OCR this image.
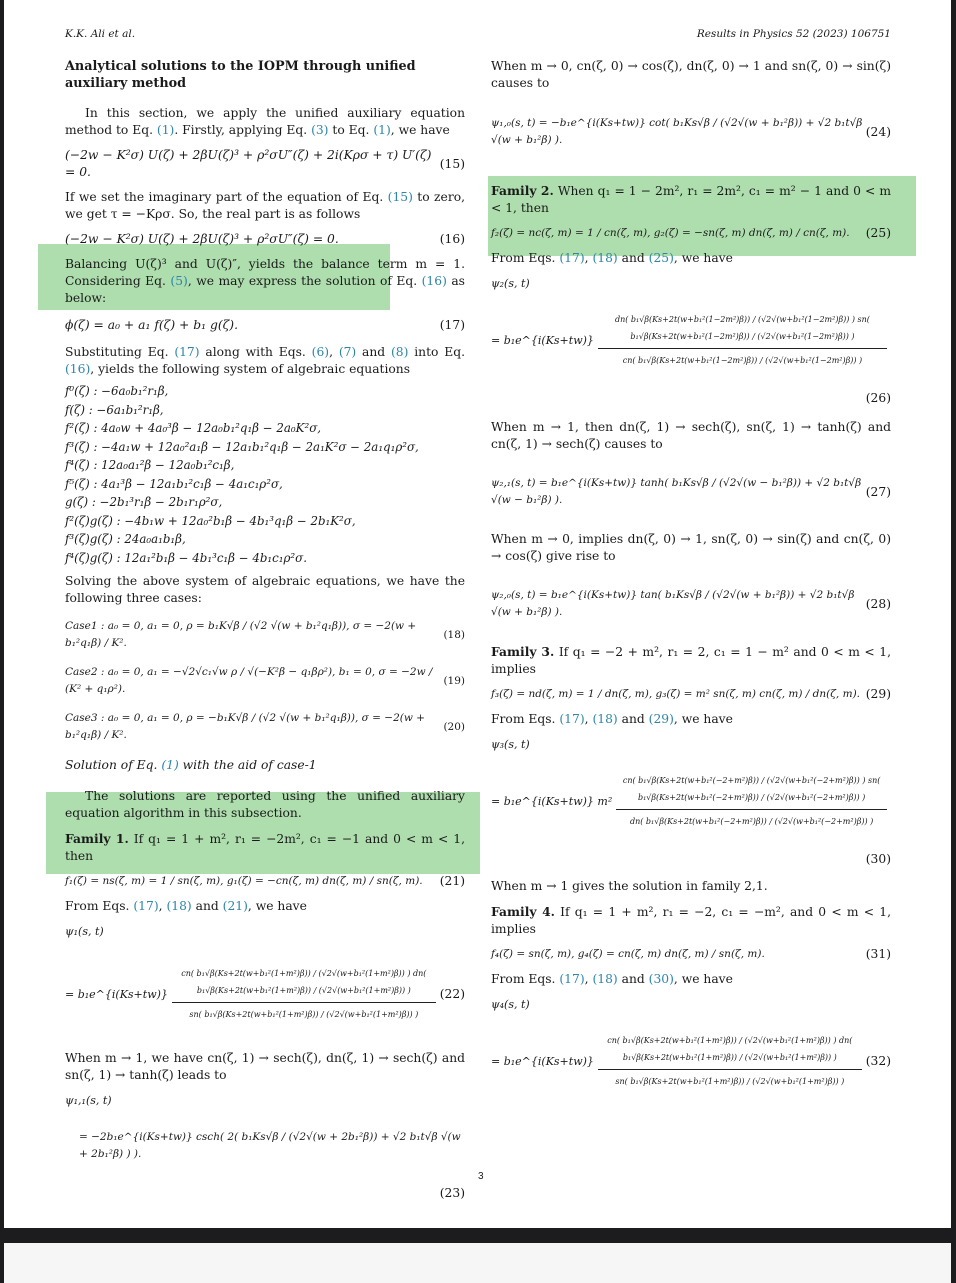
K.K. Ali et al.	Results in Physics 52 (2023) 106751
Analytical solutions to the IOPM through unified auxiliary method

In this section, we apply the unified auxiliary equation method to Eq. (1). Firstly, applying Eq. (3) to Eq. (1), we have

(−2w − K²σ) U(ζ) + 2βU(ζ)³ + ρ²σU″(ζ) + 2i(Kρσ + τ) U′(ζ) = 0.
(15)

If we set the imaginary part of the equation of Eq. (15) to zero, we get τ = −Kρσ. So, the real part is as follows

(−2w − K²σ) U(ζ) + 2βU(ζ)³ + ρ²σU″(ζ) = 0.	(16)

Balancing U(ζ)³ and U(ζ)″, yields the balance term m = 1. Considering Eq. (5), we may express the solution of Eq. (16) as below:

ϕ(ζ) = a₀ + a₁ f(ζ) + b₁ g(ζ).	(17)

Substituting Eq. (17) along with Eqs. (6), (7) and (8) into Eq. (16), yields the following system of algebraic equations

f⁰(ζ) : −6a₀b₁²r₁β,
f(ζ) : −6a₁b₁²r₁β,
f²(ζ) : 4a₀w + 4a₀³β − 12a₀b₁²q₁β − 2a₀K²σ,
f³(ζ) : −4a₁w + 12a₀²a₁β − 12a₁b₁²q₁β − 2a₁K²σ − 2a₁q₁ρ²σ,
f⁴(ζ) : 12a₀a₁²β − 12a₀b₁²c₁β,
f⁵(ζ) : 4a₁³β − 12a₁b₁²c₁β − 4a₁c₁ρ²σ,
g(ζ) : −2b₁³r₁β − 2b₁r₁ρ²σ,
f²(ζ)g(ζ) : −4b₁w + 12a₀²b₁β − 4b₁³q₁β − 2b₁K²σ,
f³(ζ)g(ζ) : 24a₀a₁b₁β,
f⁴(ζ)g(ζ) : 12a₁²b₁β − 4b₁³c₁β − 4b₁c₁ρ²σ.

Solving the above system of algebraic equations, we have the following three cases:

Case1 : a₀ = 0, a₁ = 0, ρ = b₁K√β / (√2 √(w + b₁²q₁β)), σ = −2(w + b₁²q₁β) / K².
(18)
Case2 : a₀ = 0, a₁ = −√2√c₁√w ρ / √(−K²β − q₁βρ²), b₁ = 0, σ = −2w / (K² + q₁ρ²).
(19)
Case3 : a₀ = 0, a₁ = 0, ρ = −b₁K√β / (√2 √(w + b₁²q₁β)), σ = −2(w + b₁²q₁β) / K².
(20)

Solution of Eq. (1) with the aid of case-1

The solutions are reported using the unified auxiliary equation algorithm in this subsection.

Family 1. If q₁ = 1 + m², r₁ = −2m², c₁ = −1 and 0 < m < 1, then

f₁(ζ) = ns(ζ, m) = 1 / sn(ζ, m), g₁(ζ) = −cn(ζ, m) dn(ζ, m) / sn(ζ, m). (21)

From Eqs. (17), (18) and (21), we have

ψ₁(s, t)
= b₁e^{i(Ks+tw)}
cn( b₁√β(Ks+2t(w+b₁²(1+m²)β)) / (√2√(w+b₁²(1+m²)β)) ) dn( b₁√β(Ks+2t(w+b₁²(1+m²)β)) / (√2√(w+b₁²(1+m²)β)) )
sn( b₁√β(Ks+2t(w+b₁²(1+m²)β)) / (√2√(w+b₁²(1+m²)β)) )
(22)

When m → 1, we have cn(ζ, 1) → sech(ζ), dn(ζ, 1) → sech(ζ) and sn(ζ, 1) → tanh(ζ) leads to

ψ₁,₁(s, t)
= −2b₁e^{i(Ks+tw)} csch( 2( b₁Ks√β / (√2√(w + 2b₁²β)) + √2 b₁t√β √(w + 2b₁²β) ) ).
(23)

When m → 0, cn(ζ, 0) → cos(ζ), dn(ζ, 0) → 1 and sn(ζ, 0) → sin(ζ) causes to

ψ₁,₀(s, t) = −b₁e^{i(Ks+tw)} cot( b₁Ks√β / (√2√(w + b₁²β)) + √2 b₁t√β √(w + b₁²β) ).
(24)

Family 2. When q₁ = 1 − 2m², r₁ = 2m², c₁ = m² − 1 and 0 < m < 1, then

f₂(ζ) = nc(ζ, m) = 1 / cn(ζ, m), g₂(ζ) = −sn(ζ, m) dn(ζ, m) / cn(ζ, m). (25)

From Eqs. (17), (18) and (25), we have

ψ₂(s, t)
= b₁e^{i(Ks+tw)}
dn( b₁√β(Ks+2t(w+b₁²(1−2m²)β)) / (√2√(w+b₁²(1−2m²)β)) ) sn( b₁√β(Ks+2t(w+b₁²(1−2m²)β)) / (√2√(w+b₁²(1−2m²)β)) )
cn( b₁√β(Ks+2t(w+b₁²(1−2m²)β)) / (√2√(w+b₁²(1−2m²)β)) )
(26)

When m → 1, then dn(ζ, 1) → sech(ζ), sn(ζ, 1) → tanh(ζ) and cn(ζ, 1) → sech(ζ) causes to

ψ₂,₁(s, t) = b₁e^{i(Ks+tw)} tanh( b₁Ks√β / (√2√(w − b₁²β)) + √2 b₁t√β √(w − b₁²β) ).
(27)

When m → 0, implies dn(ζ, 0) → 1, sn(ζ, 0) → sin(ζ) and cn(ζ, 0) → cos(ζ) give rise to

ψ₂,₀(s, t) = b₁e^{i(Ks+tw)} tan( b₁Ks√β / (√2√(w + b₁²β)) + √2 b₁t√β √(w + b₁²β) ).
(28)

Family 3. If q₁ = −2 + m², r₁ = 2, c₁ = 1 − m² and 0 < m < 1, implies

f₃(ζ) = nd(ζ, m) = 1 / dn(ζ, m), g₃(ζ) = m² sn(ζ, m) cn(ζ, m) / dn(ζ, m). (29)

From Eqs. (17), (18) and (29), we have

ψ₃(s, t)
= b₁e^{i(Ks+tw)} m²
cn( b₁√β(Ks+2t(w+b₁²(−2+m²)β)) / (√2√(w+b₁²(−2+m²)β)) ) sn( b₁√β(Ks+2t(w+b₁²(−2+m²)β)) / (√2√(w+b₁²(−2+m²)β)) )
dn( b₁√β(Ks+2t(w+b₁²(−2+m²)β)) / (√2√(w+b₁²(−2+m²)β)) )
(30)

When m → 1 gives the solution in family 2,1.

Family 4. If q₁ = 1 + m², r₁ = −2, c₁ = −m², and 0 < m < 1, implies

f₄(ζ) = sn(ζ, m), g₄(ζ) = cn(ζ, m) dn(ζ, m) / sn(ζ, m).	(31)

From Eqs. (17), (18) and (30), we have

ψ₄(s, t)
= b₁e^{i(Ks+tw)}
cn( b₁√β(Ks+2t(w+b₁²(1+m²)β)) / (√2√(w+b₁²(1+m²)β)) ) dn( b₁√β(Ks+2t(w+b₁²(1+m²)β)) / (√2√(w+b₁²(1+m²)β)) )
sn( b₁√β(Ks+2t(w+b₁²(1+m²)β)) / (√2√(w+b₁²(1+m²)β)) )
(32)
3
